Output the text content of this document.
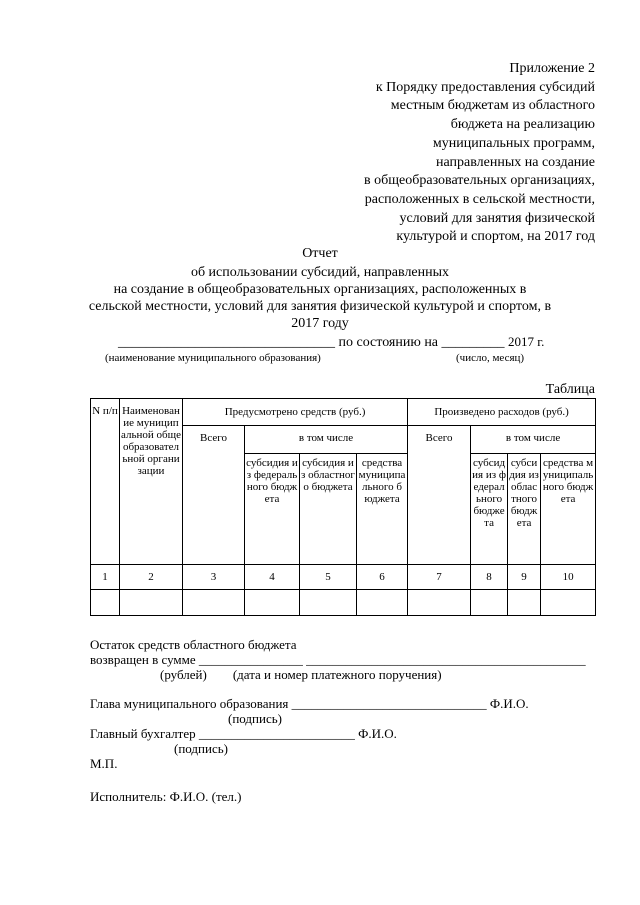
Приложение 2
к Порядку предоставления субсидий
местным бюджетам из областного
бюджета на реализацию
муниципальных программ,
направленных на создание
в общеобразовательных организациях,
расположенных в сельской местности,
условий для занятия физической
культурой и спортом, на 2017 год
Отчет
об использовании субсидий, направленных
на создание в общеобразовательных организациях, расположенных в
сельской местности, условий для занятия физической культурой и спортом, в
2017 году
_______________________________ по состоянию на _________ 2017 г.
(наименование муниципального образования)	(число, месяц)
Таблица
N п/п	Наименование муниципальной общеобразовательной организации	Предусмотрено средств (руб.)				Произведено расходов (руб.)			
		Всего	в том числе			Всего	в том числе		
			субсидия из федерального бюджета	субсидия из областного бюджета	средства муниципального бюджета		субсидия из федерального бюджета	субсидия из областного бюджета	средства муниципального бюджета
1	2	3	4	5	6	7	8	9	10

Остаток средств областного бюджета
возвращен в сумме ________________ ___________________________________________
(рублей)        (дата и номер платежного поручения)
Глава муниципального образования ______________________________ Ф.И.О.
(подпись)
Главный бухгалтер ________________________ Ф.И.О.
(подпись)
М.П.
Исполнитель: Ф.И.О. (тел.)
